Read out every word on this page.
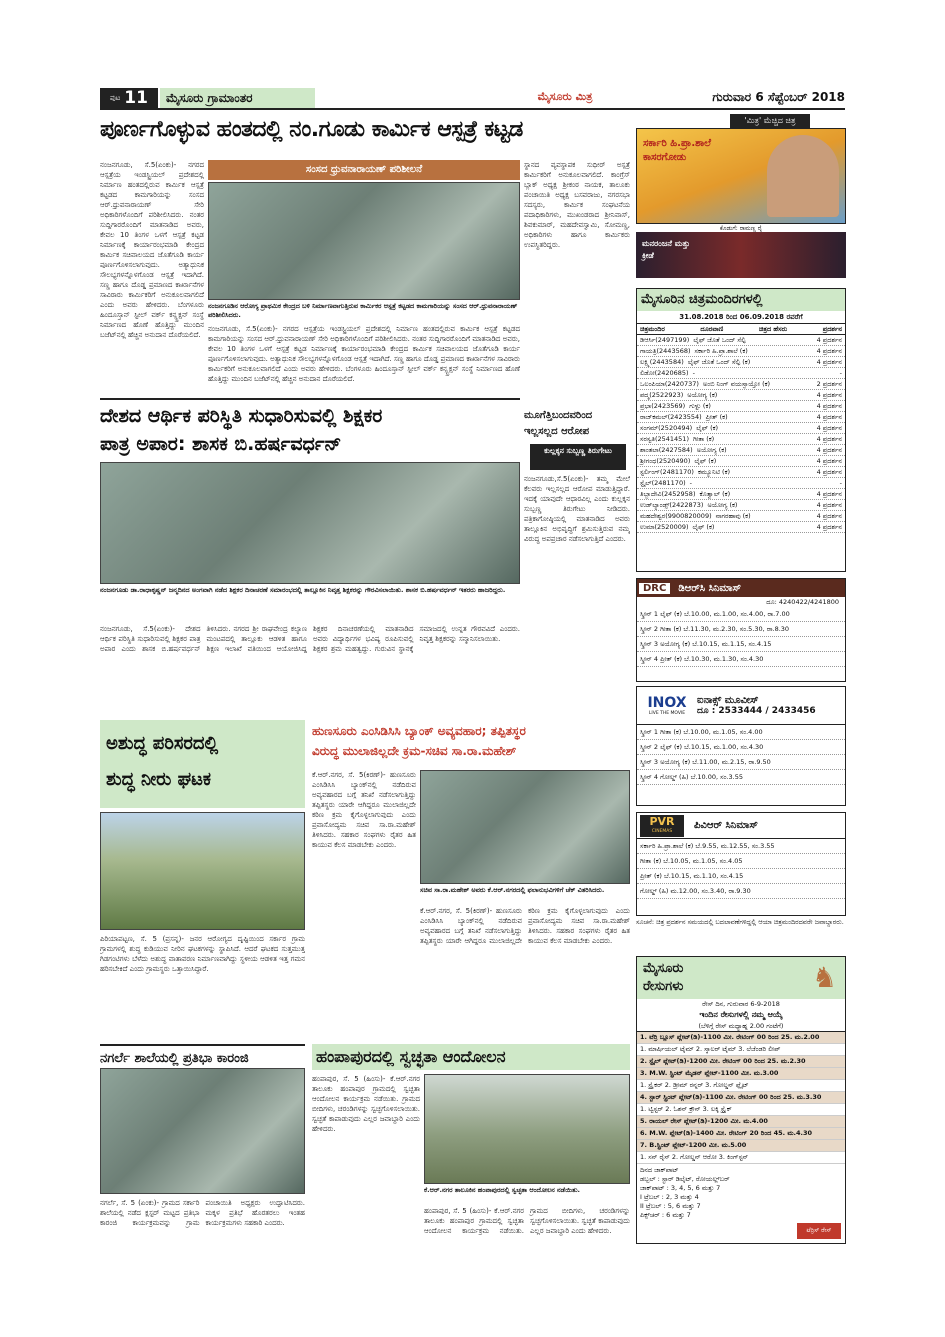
ಪುಟ 11	ಮೈಸೂರು ಗ್ರಾಮಾಂತರ	ಮೈಸೂರು ಮಿತ್ರ	ಗುರುವಾರ 6 ಸೆಪ್ಟೆಂಬರ್ 2018
ಪೂರ್ಣಗೊಳ್ಳುವ ಹಂತದಲ್ಲಿ ನಂ.ಗೂಡು ಕಾರ್ಮಿಕ ಆಸ್ಪತ್ರೆ ಕಟ್ಟಡ
ಸಂಸದ ಧ್ರುವನಾರಾಯಣ್ ಪರಿಶೀಲನೆ
ನಂಜನಗೂಡು, ಸೆ.5(ಏಂಕು)- ನಗರದ ಆಸ್ಪತ್ರೆಯ ಇಂಡಸ್ಟ್ರಿಯಲ್ ಪ್ರದೇಶದಲ್ಲಿ ನಿರ್ಮಾಣ ಹಂತದಲ್ಲಿರುವ ಕಾರ್ಮಿಕ ಆಸ್ಪತ್ರೆ ಕಟ್ಟಡದ ಕಾಮಗಾರಿಯನ್ನು ಸಂಸದ ಆರ್.ಧ್ರುವನಾರಾಯಣ್ ಸೇರಿ ಅಧಿಕಾರಿಗಳೊಂದಿಗೆ ಪರಿಶೀಲಿಸಿದರು. ನಂತರ ಸುದ್ದಿಗಾರರೊಂದಿಗೆ ಮಾತನಾಡಿದ ಅವರು, ಕೇವಲ 10 ತಿಂಗಳ ಒಳಗೆ ಆಸ್ಪತ್ರೆ ಕಟ್ಟಡ ನಿರ್ಮಾಣಕ್ಕೆ ಕಾರ್ಯಾರಂಭಮಾಡಿ ಕೇಂದ್ರದ ಕಾರ್ಮಿಕ ಸಚಿವಾಲಯದ ಜೊತೆಗೂಡಿ ಕಾರ್ಯ ಪೂರ್ಣಗೊಳಿಸಲಾಗುವುದು. ಅತ್ಯಾಧುನಿಕ ಸೌಲಭ್ಯಗಳನ್ನೊಳಗೊಂಡ ಆಸ್ಪತ್ರೆ ಇದಾಗಿದೆ. ಸಣ್ಣ ಹಾಗೂ ದೊಡ್ಡ ಪ್ರಮಾಣದ ಕಾರ್ಖಾನೆಗಳ ಸಾವಿರಾರು ಕಾರ್ಮಿಕರಿಗೆ ಅನುಕೂಲವಾಗಲಿದೆ ಎಂದು ಅವರು ಹೇಳಿದರು. ಬೆಂಗಳೂರು ಹಿಂದೂಸ್ತಾನ್ ಸ್ಟೀಲ್ ವರ್ಕ್ ಕನ್ಸ್ಟ್ರಕ್ಷನ್ ಸಂಸ್ಥೆ ನಿರ್ಮಾಣದ ಹೊಣೆ ಹೊತ್ತಿದ್ದು ಮುಂದಿನ ಬಜೆಟ್‌ನಲ್ಲಿ ಹೆಚ್ಚಿನ ಅನುದಾನ ದೊರೆಯಲಿದೆ.
ನಂಜನಗೂಡಿನ ಆರೋಗ್ಯ ಪ್ರಾಥಮಿಕ ಕೇಂದ್ರದ ಬಳಿ ನಿರ್ಮಾಣವಾಗುತ್ತಿರುವ ಕಾರ್ಮಿಕರ ಆಸ್ಪತ್ರೆ ಕಟ್ಟಡದ ಕಾಮಗಾರಿಯನ್ನು ಸಂಸದ ಆರ್.ಧ್ರುವನಾರಾಯಣ್ ಪರಿಶೀಲಿಸಿದರು.
ಸ್ಥಾನದ ವ್ಯವಸ್ಥಾಪಕ ಸುಧೀರ್ ಅಸ್ಪತ್ರೆ ಕಾರ್ಮಿಕರಿಗೆ ಅನುಕೂಲವಾಗಲಿದೆ. ಕಾಂಗ್ರೆಸ್ ಬ್ಲಾಕ್ ಅಧ್ಯಕ್ಷ ಶ್ರೀಕಂಠ ನಾಯಕ, ತಾಲೂಕು ಪಂಚಾಯಿತಿ ಅಧ್ಯಕ್ಷ ಬಸವರಾಜು, ನಗರಸಭಾ ಸದಸ್ಯರು, ಕಾರ್ಮಿಕ ಸಂಘಟನೆಯ ಪದಾಧಿಕಾರಿಗಳು, ಮುಖಂಡರಾದ ಶ್ರೀನಿವಾಸ್, ಶಿವಕುಮಾರ್, ಮಹದೇವಸ್ವಾಮಿ, ಸೋಮಣ್ಣ, ಅಧಿಕಾರಿಗಳು ಹಾಗೂ ಕಾರ್ಮಿಕರು ಉಪಸ್ಥಿತರಿದ್ದರು.
ನಂಜನಗೂಡು, ಸೆ.5(ಏಂಕು)- ನಗರದ ಆಸ್ಪತ್ರೆಯ ಇಂಡಸ್ಟ್ರಿಯಲ್ ಪ್ರದೇಶದಲ್ಲಿ ನಿರ್ಮಾಣ ಹಂತದಲ್ಲಿರುವ ಕಾರ್ಮಿಕ ಆಸ್ಪತ್ರೆ ಕಟ್ಟಡದ ಕಾಮಗಾರಿಯನ್ನು ಸಂಸದ ಆರ್.ಧ್ರುವನಾರಾಯಣ್ ಸೇರಿ ಅಧಿಕಾರಿಗಳೊಂದಿಗೆ ಪರಿಶೀಲಿಸಿದರು. ನಂತರ ಸುದ್ದಿಗಾರರೊಂದಿಗೆ ಮಾತನಾಡಿದ ಅವರು, ಕೇವಲ 10 ತಿಂಗಳ ಒಳಗೆ ಆಸ್ಪತ್ರೆ ಕಟ್ಟಡ ನಿರ್ಮಾಣಕ್ಕೆ ಕಾರ್ಯಾರಂಭಮಾಡಿ ಕೇಂದ್ರದ ಕಾರ್ಮಿಕ ಸಚಿವಾಲಯದ ಜೊತೆಗೂಡಿ ಕಾರ್ಯ ಪೂರ್ಣಗೊಳಿಸಲಾಗುವುದು. ಅತ್ಯಾಧುನಿಕ ಸೌಲಭ್ಯಗಳನ್ನೊಳಗೊಂಡ ಆಸ್ಪತ್ರೆ ಇದಾಗಿದೆ. ಸಣ್ಣ ಹಾಗೂ ದೊಡ್ಡ ಪ್ರಮಾಣದ ಕಾರ್ಖಾನೆಗಳ ಸಾವಿರಾರು ಕಾರ್ಮಿಕರಿಗೆ ಅನುಕೂಲವಾಗಲಿದೆ ಎಂದು ಅವರು ಹೇಳಿದರು. ಬೆಂಗಳೂರು ಹಿಂದೂಸ್ತಾನ್ ಸ್ಟೀಲ್ ವರ್ಕ್ ಕನ್ಸ್ಟ್ರಕ್ಷನ್ ಸಂಸ್ಥೆ ನಿರ್ಮಾಣದ ಹೊಣೆ ಹೊತ್ತಿದ್ದು ಮುಂದಿನ ಬಜೆಟ್‌ನಲ್ಲಿ ಹೆಚ್ಚಿನ ಅನುದಾನ ದೊರೆಯಲಿದೆ.
ದೇಶದ ಆರ್ಥಿಕ ಪರಿಸ್ಥಿತಿ ಸುಧಾರಿಸುವಲ್ಲಿ ಶಿಕ್ಷಕರ
ಪಾತ್ರ ಅಪಾರ: ಶಾಸಕ ಬಿ.ಹರ್ಷವರ್ಧನ್
ನಂಜನಗೂಡು ಡಾ.ರಾಧಾಕೃಷ್ಣನ್ ಜನ್ಮದಿನದ ಅಂಗವಾಗಿ ನಡೆದ ಶಿಕ್ಷಕರ ದಿನಾಚರಣೆ ಸಮಾರಂಭದಲ್ಲಿ ತಾಲ್ಲೂಕಿನ ನಿವೃತ್ತ ಶಿಕ್ಷಕರನ್ನು ಗೌರವಿಸಲಾಯಿತು. ಶಾಸಕ ಬಿ.ಹರ್ಷವರ್ಧನ್ ಇತರರು ಹಾಜರಿದ್ದರು.
ನಂಜನಗೂಡು, ಸೆ.5(ಏಂಕು)- ದೇಶದ ಆರ್ಥಿಕ ಪರಿಸ್ಥಿತಿ ಸುಧಾರಿಸುವಲ್ಲಿ ಶಿಕ್ಷಕರ ಪಾತ್ರ ಅಪಾರ ಎಂದು ಶಾಸಕ ಬಿ.ಹರ್ಷವರ್ಧನ್ ತಿಳಿಸಿದರು. ನಗರದ ಶ್ರೀ ರಾಘವೇಂದ್ರ ಕಲ್ಯಾಣ ಮಂಟಪದಲ್ಲಿ ತಾಲ್ಲೂಕು ಆಡಳಿತ ಹಾಗೂ ಶಿಕ್ಷಣ ಇಲಾಖೆ ವತಿಯಿಂದ ಆಯೋಜಿಸಿದ್ದ ಶಿಕ್ಷಕರ ದಿನಾಚರಣೆಯಲ್ಲಿ ಮಾತನಾಡಿದ ಅವರು ವಿದ್ಯಾರ್ಥಿಗಳ ಭವಿಷ್ಯ ರೂಪಿಸುವಲ್ಲಿ ಶಿಕ್ಷಕರ ಶ್ರಮ ಮಹತ್ವದ್ದು. ಗುರುವಿನ ಸ್ಥಾನಕ್ಕೆ ಸಮಾಜದಲ್ಲಿ ಉನ್ನತ ಗೌರವವಿದೆ ಎಂದರು. ನಿವೃತ್ತ ಶಿಕ್ಷಕರನ್ನು ಸನ್ಮಾನಿಸಲಾಯಿತು.
ಮೂಗೆತ್ತಿಬಂದವರಿಂದ
ಇಲ್ಲಸಲ್ಲದ ಆರೋಪ
ಕುಲ್ಲಕ್ಕನ ಸುಬ್ಬಣ್ಣ ತಿರುಗೇಟು
ನಂಜನಗೂಡು,ಸೆ.5(ಏಂಕು)- ತಮ್ಮ ಮೇಲೆ ಕೆಲವರು ಇಲ್ಲಸಲ್ಲದ ಆರೋಪ ಮಾಡುತ್ತಿದ್ದಾರೆ. ಇದಕ್ಕೆ ಯಾವುದೇ ಆಧಾರವಿಲ್ಲ ಎಂದು ಕುಲ್ಲಕ್ಕನ ಸುಬ್ಬಣ್ಣ ತಿರುಗೇಟು ನೀಡಿದರು. ಪತ್ರಿಕಾಗೋಷ್ಠಿಯಲ್ಲಿ ಮಾತನಾಡಿದ ಅವರು ತಾಲ್ಲೂಕಿನ ಅಭಿವೃದ್ಧಿಗೆ ಶ್ರಮಿಸುತ್ತಿರುವ ನಮ್ಮ ವಿರುದ್ಧ ಅಪಪ್ರಚಾರ ನಡೆಸಲಾಗುತ್ತಿದೆ ಎಂದರು.
ಅಶುದ್ಧ ಪರಿಸರದಲ್ಲಿ
ಶುದ್ಧ ನೀರು ಘಟಕ
ಪಿರಿಯಾಪಟ್ಟಣ, ಸೆ. 5 (ಪ್ರಸನ್ನ)- ಜನರ ಆರೋಗ್ಯದ ದೃಷ್ಟಿಯಿಂದ ಸರ್ಕಾರ ಗ್ರಾಮ ಗ್ರಾಮಗಳಲ್ಲಿ ಶುದ್ಧ ಕುಡಿಯುವ ನೀರಿನ ಘಟಕಗಳನ್ನು ಸ್ಥಾಪಿಸಿದೆ. ಆದರೆ ಘಟಕದ ಸುತ್ತಮುತ್ತ ಗಿಡಗಂಟಿಗಳು ಬೆಳೆದು ಅಶುದ್ಧ ವಾತಾವರಣ ನಿರ್ಮಾಣವಾಗಿದ್ದು ಸ್ಥಳೀಯ ಆಡಳಿತ ಇತ್ತ ಗಮನ ಹರಿಸಬೇಕಿದೆ ಎಂದು ಗ್ರಾಮಸ್ಥರು ಒತ್ತಾಯಿಸಿದ್ದಾರೆ.
ಹುಣಸೂರು ಎಂಸಿಡಿಸಿಸಿ ಬ್ಯಾಂಕ್ ಅವ್ಯವಹಾರ; ತಪ್ಪಿತಸ್ಥರ
ವಿರುದ್ಧ ಮುಲಾಜಿಲ್ಲದೇ ಕ್ರಮ-ಸಚಿವ ಸಾ.ರಾ.ಮಹೇಶ್
ಕೆ.ಆರ್.ನಗರ, ಸೆ. 5(ಕಿರಣ್)- ಹುಣಸೂರು ಎಂಸಿಡಿಸಿಸಿ ಬ್ಯಾಂಕ್‌ನಲ್ಲಿ ನಡೆದಿರುವ ಅವ್ಯವಹಾರದ ಬಗ್ಗೆ ತನಿಖೆ ನಡೆಸಲಾಗುತ್ತಿದ್ದು ತಪ್ಪಿತಸ್ಥರು ಯಾರೇ ಆಗಿದ್ದರೂ ಮುಲಾಜಿಲ್ಲದೇ ಕಠಿಣ ಕ್ರಮ ಕೈಗೊಳ್ಳಲಾಗುವುದು ಎಂದು ಪ್ರವಾಸೋದ್ಯಮ ಸಚಿವ ಸಾ.ರಾ.ಮಹೇಶ್ ತಿಳಿಸಿದರು. ಸಹಕಾರ ಸಂಘಗಳು ರೈತರ ಹಿತ ಕಾಯುವ ಕೆಲಸ ಮಾಡಬೇಕು ಎಂದರು.
ಸಚಿವ ಸಾ.ರಾ.ಮಹೇಶ್ ಅವರು ಕೆ.ಆರ್.ನಗರದಲ್ಲಿ ಫಲಾನುಭವಿಗಳಿಗೆ ಚೆಕ್ ವಿತರಿಸಿದರು.
ಕೆ.ಆರ್.ನಗರ, ಸೆ. 5(ಕಿರಣ್)- ಹುಣಸೂರು ಎಂಸಿಡಿಸಿಸಿ ಬ್ಯಾಂಕ್‌ನಲ್ಲಿ ನಡೆದಿರುವ ಅವ್ಯವಹಾರದ ಬಗ್ಗೆ ತನಿಖೆ ನಡೆಸಲಾಗುತ್ತಿದ್ದು ತಪ್ಪಿತಸ್ಥರು ಯಾರೇ ಆಗಿದ್ದರೂ ಮುಲಾಜಿಲ್ಲದೇ ಕಠಿಣ ಕ್ರಮ ಕೈಗೊಳ್ಳಲಾಗುವುದು ಎಂದು ಪ್ರವಾಸೋದ್ಯಮ ಸಚಿವ ಸಾ.ರಾ.ಮಹೇಶ್ ತಿಳಿಸಿದರು. ಸಹಕಾರ ಸಂಘಗಳು ರೈತರ ಹಿತ ಕಾಯುವ ಕೆಲಸ ಮಾಡಬೇಕು ಎಂದರು.
ನಗರ್ಲೆ ಶಾಲೆಯಲ್ಲಿ ಪ್ರತಿಭಾ ಕಾರಂಜಿ
ನಗರ್ಲೆ, ಸೆ. 5 (ಏಂಕು)- ಗ್ರಾಮದ ಸರ್ಕಾರಿ ಶಾಲೆಯಲ್ಲಿ ನಡೆದ ಕ್ಲಸ್ಟರ್ ಮಟ್ಟದ ಪ್ರತಿಭಾ ಕಾರಂಜಿ ಕಾರ್ಯಕ್ರಮವನ್ನು ಗ್ರಾಮ ಪಂಚಾಯಿತಿ ಅಧ್ಯಕ್ಷರು ಉದ್ಘಾಟಿಸಿದರು. ಮಕ್ಕಳ ಪ್ರತಿಭೆ ಹೊರತರಲು ಇಂತಹ ಕಾರ್ಯಕ್ರಮಗಳು ಸಹಕಾರಿ ಎಂದರು.
ಹಂಪಾಪುರದಲ್ಲಿ ಸ್ವಚ್ಛತಾ ಆಂದೋಲನ
ಹಂಪಾಪುರ, ಸೆ. 5 (ಹಿಂಸು)- ಕೆ.ಆರ್.ನಗರ ತಾಲೂಕು ಹಂಪಾಪುರ ಗ್ರಾಮದಲ್ಲಿ ಸ್ವಚ್ಛತಾ ಆಂದೋಲನ ಕಾರ್ಯಕ್ರಮ ನಡೆಯಿತು. ಗ್ರಾಮದ ಬೀದಿಗಳು, ಚರಂಡಿಗಳನ್ನು ಸ್ವಚ್ಛಗೊಳಿಸಲಾಯಿತು. ಸ್ವಚ್ಛತೆ ಕಾಪಾಡುವುದು ಎಲ್ಲರ ಜವಾಬ್ದಾರಿ ಎಂದು ಹೇಳಿದರು.
ಕೆ.ಆರ್.ನಗರ ತಾಲೂಕಿನ ಹಂಪಾಪುರದಲ್ಲಿ ಸ್ವಚ್ಛತಾ ಆಂದೋಲನ ನಡೆಯಿತು.
ಹಂಪಾಪುರ, ಸೆ. 5 (ಹಿಂಸು)- ಕೆ.ಆರ್.ನಗರ ತಾಲೂಕು ಹಂಪಾಪುರ ಗ್ರಾಮದಲ್ಲಿ ಸ್ವಚ್ಛತಾ ಆಂದೋಲನ ಕಾರ್ಯಕ್ರಮ ನಡೆಯಿತು. ಗ್ರಾಮದ ಬೀದಿಗಳು, ಚರಂಡಿಗಳನ್ನು ಸ್ವಚ್ಛಗೊಳಿಸಲಾಯಿತು. ಸ್ವಚ್ಛತೆ ಕಾಪಾಡುವುದು ಎಲ್ಲರ ಜವಾಬ್ದಾರಿ ಎಂದು ಹೇಳಿದರು.
'ಮಿತ್ರ' ಮೆಚ್ಚಿದ ಚಿತ್ರ
ಸರ್ಕಾರಿ ಹಿ.ಪ್ರಾ.ಶಾಲೆ ಕಾಸರಗೋಡು
ಕೊಡುಗೆ: ರಾಮಣ್ಣ ರೈ
ಮನರಂಜನೆ ಮತ್ತು ಕ್ರೀಡೆ
ಮೈಸೂರಿನ ಚಿತ್ರಮಂದಿರಗಳಲ್ಲಿ
31.08.2018 ರಿಂದ 06.09.2018 ರವರೆಗೆ
ಚಿತ್ರಮಂದಿರ	ದೂರವಾಣಿ	ಚಿತ್ರದ ಹೆಸರು	ಪ್ರದರ್ಶನ
ಡಿಆರ್ಸಿ (2497199) ಲೈಫ್ ಜೊತೆ ಒಂದ್ ಸೆಲ್ಫಿ	4 ಪ್ರದರ್ಶನ
ಗಾಯತ್ರಿ (2443568) ಸರ್ಕಾರಿ ಹಿ.ಪ್ರಾ.ಶಾಲೆ (ಕ)	4 ಪ್ರದರ್ಶನ
ಲಕ್ಷ್ಮಿ (2443584) ಲೈಫ್ ಜೊತೆ ಒಂದ್ ಸೆಲ್ಫಿ (ಕ)	4 ಪ್ರದರ್ಶನ
ಲಿಡೋ (2420685) -	-
ಒಲಂಪಿಯಾ (2420737) ಅಂಬಿ ನಿಂಗ್ ವಯಸ್ಸಾಯ್ತೋ (ಕ)	2 ಪ್ರದರ್ಶನ
ಪದ್ಮ (2522923) ಅಯೋಗ್ಯ (ಕ)	4 ಪ್ರದರ್ಶನ
ಪ್ರಭಾ (2423569) ಗುಳ್ಟು (ಕ)	4 ಪ್ರದರ್ಶನ
ರಾಜ್‌ಕಮಲ್ (2423554) ಪ್ರೀತ್ (ಕ)	4 ಪ್ರದರ್ಶನ
ಸಂಗಮ್ (2520494) ಲೈಫ್ (ಕ)	4 ಪ್ರದರ್ಶನ
ಸರಸ್ವತಿ (2541451) ಗೀತಾ (ಕ)	4 ಪ್ರದರ್ಶನ
ಶಾಂತಲಾ (2427584) ಅಯೋಗ್ಯ (ಕ)	4 ಪ್ರದರ್ಶನ
ಶ್ರೀಗಂಧ (2520490) ಲೈಫ್ (ಕ)	4 ಪ್ರದರ್ಶನ
ಸ್ಟರ್ಲಿಂಗ್ (2481170) ಕಮ್ಯೂನಿಟಿ (ಕ)	4 ಪ್ರದರ್ಶನ
ಸ್ಟೈಲ್ (2481170) -	-
ತಿಬ್ಬಾದೇವಿ (2452958) ಕೊತ್ವಾಲ್ (ಕ)	4 ಪ್ರದರ್ಶನ
ಉಡ್‌ಲ್ಯಾಂಡ್ಸ್ (2422873) ಅಯೋಗ್ಯ (ಕ)	4 ಪ್ರದರ್ಶನ
ಮಹದೇಶ್ವರ (9900820009) ನಾಗರಹಾವು (ಕ)	4 ಪ್ರದರ್ಶನ
ಉಮಾ (2520009) ಲೈಫ್ (ಕ)	4 ಪ್ರದರ್ಶನ
DRC	ಡಿಆರ್‌ಸಿ ಸಿನಿಮಾಸ್
ದೂ: 4240422/4241800
ಸ್ಕ್ರೀನ್ 1 ಲೈಫ್ (ಕ) ಬೆ.10.00, ಮ.1.00, ಸಂ.4.00, ರಾ.7.00
ಸ್ಕ್ರೀನ್ 2 ಗೀತಾ (ಕ) ಬೆ.11.30, ಮ.2.30, ಸಂ.5.30, ರಾ.8.30
ಸ್ಕ್ರೀನ್ 3 ಅಯೋಗ್ಯ (ಕ) ಬೆ.10.15, ಮ.1.15, ಸಂ.4.15
ಸ್ಕ್ರೀನ್ 4 ಪ್ರೀತ್ (ಕ) ಬೆ.10.30, ಮ.1.30, ಸಂ.4.30
INOX
LIVE THE MOVIE
ಐನಾಕ್ಸ್ ಮೂವೀಸ್
ದೂ : 2533444 / 2433456
ಸ್ಕ್ರೀನ್ 1 ಗೀತಾ (ಕ) ಬೆ.10.00, ಮ.1.05, ಸಂ.4.00
ಸ್ಕ್ರೀನ್ 2 ಲೈಫ್ (ಕ) ಬೆ.10.15, ಮ.1.00, ಸಂ.4.30
ಸ್ಕ್ರೀನ್ 3 ಅಯೋಗ್ಯ (ಕ) ಬೆ.11.00, ಮ.2.15, ರಾ.9.50
ಸ್ಕ್ರೀನ್ 4 ಗೋಲ್ಡ್ (ಹಿ) ಬೆ.10.00, ಸಂ.3.55
PVR
CINEMAS	ಪಿವಿಆರ್ ಸಿನಿಮಾಸ್
ಸರ್ಕಾರಿ ಹಿ.ಪ್ರಾ.ಶಾಲೆ (ಕ) ಬೆ.9.55, ಮ.12.55, ಸಂ.3.55
ಗೀತಾ (ಕ) ಬೆ.10.05, ಮ.1.05, ಸಂ.4.05
ಪ್ರೀತ್ (ಕ) ಬೆ.10.15, ಮ.1.10, ಸಂ.4.15
ಗೋಲ್ಡ್ (ಹಿ) ಮ.12.00, ಸಂ.3.40, ರಾ.9.30
ಸೂಚನೆ: ಚಿತ್ರ ಪ್ರದರ್ಶನ ಸಮಯದಲ್ಲಿ ಬದಲಾವಣೆಗಳಿದ್ದಲ್ಲಿ ಆಯಾ ಚಿತ್ರಮಂದಿರದವರೇ ಜವಾಬ್ದಾರರು.
ಮೈಸೂರು
ರೇಸುಗಳು	♞
ರೇಸ್ ದಿನ, ಗುರುವಾರ 6-9-2018
ಇಂದಿನ ರೇಸುಗಳಲ್ಲಿ ನಮ್ಮ ಆಯ್ಕೆ
(ಬೆಳಿಗ್ಗೆ ರೇಸ್ ಮಧ್ಯಾಹ್ನ 2.00 ಗಂಟೆಗೆ)
1. ಟೆರ್ರಿ ಬ್ಲೂಸ್ ಪ್ಲೇಟ್(ಡಿ)-1100 ಮೀ. ರೇಟಿಂಗ್ 00 ರಿಂದ 25. ಮ.2.00
1. ಮಾರ್ಷಿಯಲ್ ಟೈಮ್ 2. ಸ್ಕಾಲರ್ ಟೈಮ್ 3. ಲೆಜೆಂಡರಿ ಲೀಪ್
2. ಸ್ಟೈಲ್ ಪ್ಲೇಟ್(ಡಿ)-1200 ಮೀ. ರೇಟಿಂಗ್ 00 ರಿಂದ 25. ಮ.2.30
3. M.W. ಸ್ಪ್ರಿಂಟ್ ಮೈಡನ್ ಪ್ಲೇಟ್-1100 ಮೀ. ಮ.3.00
1. ಸ್ಟ್ರೈಕರ್ 2. ಡ್ರೀಮ್ ರನ್ನರ್ 3. ಗೋಲ್ಡನ್ ಫ್ಲೈಟ್
4. ಸ್ಟಾರ್ ಸ್ಪ್ರಿಂಟ್ ಪ್ಲೇಟ್(ಡಿ)-1100 ಮೀ. ರೇಟಿಂಗ್ 00 ರಿಂದ 25. ಮ.3.30
1. ಟ್ವಿಸ್ಟರ್ 2. ಓಶನ್ ಕ್ರೌನ್ 3. ಲಕ್ಕಿ ಸ್ಟ್ರೈಕ್
5. ರಾಯಲ್ ರೇಸ್ ಪ್ಲೇಟ್(ಡಿ)-1200 ಮೀ. ಮ.4.00
6. M.W. ಪ್ಲೇಟ್(ಡಿ)-1400 ಮೀ. ರೇಟಿಂಗ್ 20 ರಿಂದ 45. ಮ.4.30
7. B.ಸ್ಪ್ರಿಂಟ್ ಪ್ಲೇಟ್-1200 ಮೀ. ಮ.5.00
1. ಸನ್ ರೈಸ್ 2. ಗೋಲ್ಡನ್ ಆರೋ 3. ಕಿಂಗ್‌ಸ್ಟನ್
ದಿನದ ಜಾಕ್‌ಪಾಟ್
ಡಬ್ಬಲ್ : ಸ್ಟಾರ್ ಡಿಲೈಟ್, ರೋಯಲ್ಲ್‌ಬರ್
ಜಾಕ್‌ಪಾಟ್ : 3, 4, 5, 6 ಮತ್ತು 7
I ಟ್ರೆಬಲ್ : 2, 3 ಮತ್ತು 4
II ಟ್ರೆಬಲ್ : 5, 6 ಮತ್ತು 7
ಪಿಕ್ಸ್‌ಚರ್ : 6 ಮತ್ತು 7
ಟೆರ್ರಿಸ್ ರೇಸ್
